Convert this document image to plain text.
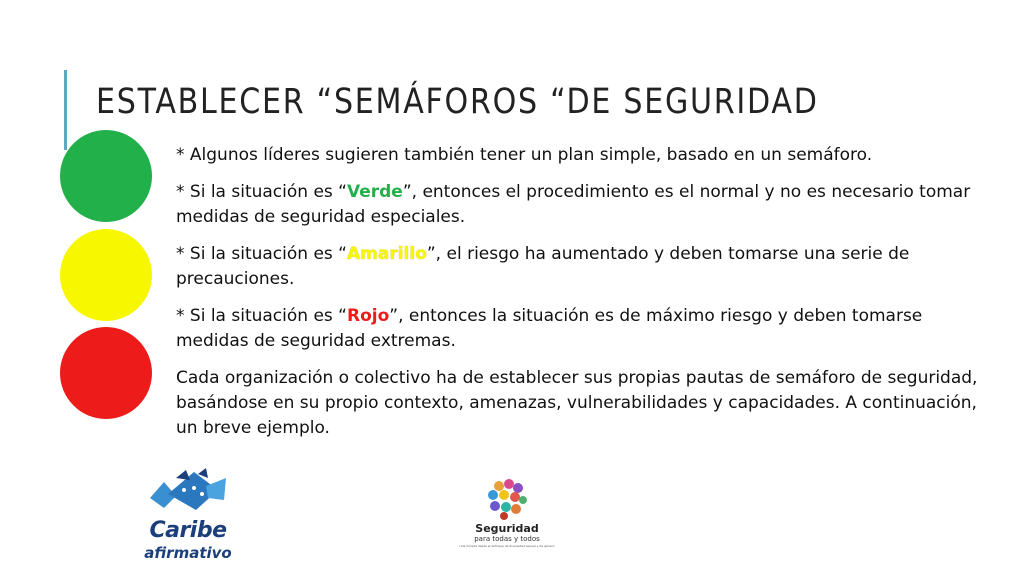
ESTABLECER “SEMÁFOROS “DE SEGURIDAD

* Algunos líderes sugieren también tener un plan simple, basado en un semáforo.

* Si la situación es “Verde”, entonces el procedimiento es el normal y no es necesario tomar medidas de seguridad especiales.

* Si la situación es “Amarillo”, el riesgo ha aumentado y deben tomarse una serie de precauciones.

* Si la situación es “Rojo”, entonces la situación es de máximo riesgo y deben tomarse medidas de seguridad extremas.

Cada organización o colectivo ha de establecer sus propias pautas de semáforo de seguridad, basándose en su propio contexto, amenazas, vulnerabilidades y capacidades. A continuación, un breve ejemplo.

Caribe
afirmativo
Seguridad
para todas y todos
Una mirada desde el enfoque de diversidad sexual y de género
